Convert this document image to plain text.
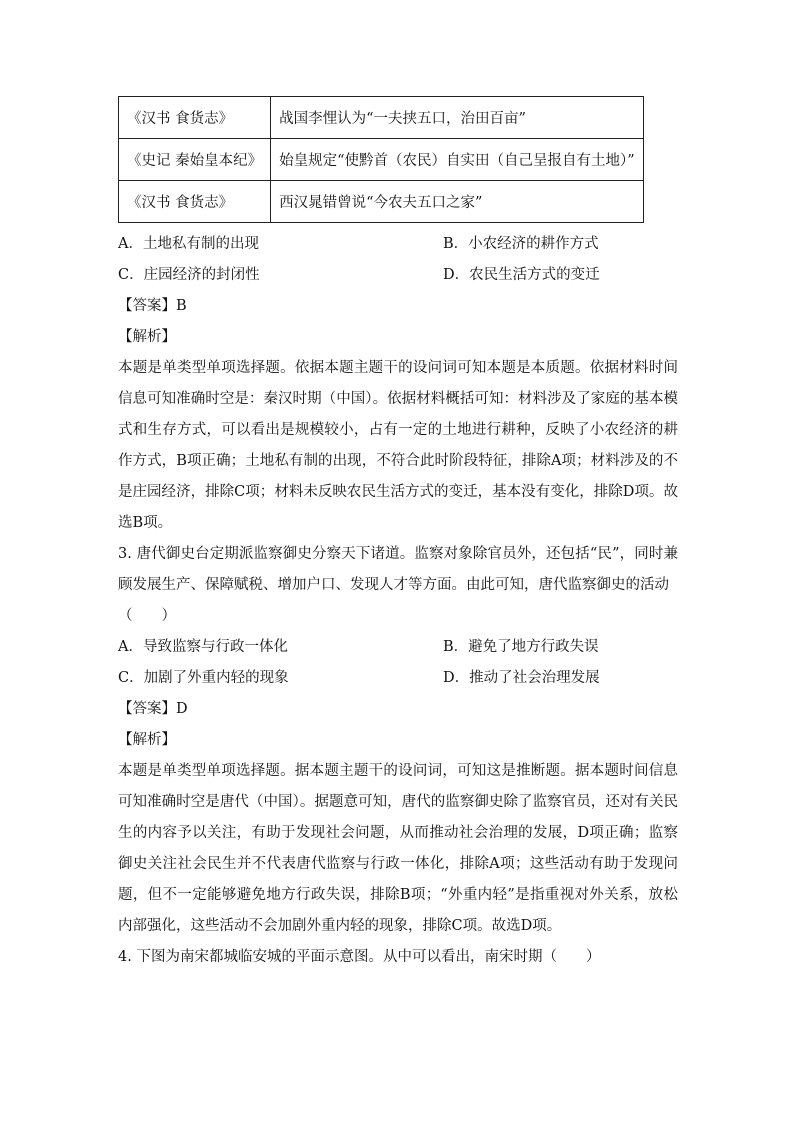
《汉书 食货志》	战国李悝认为“一夫挟五口，治田百亩”
《史记 秦始皇本纪》	始皇规定“使黔首（农民）自实田（自己呈报自有土地）”
《汉书 食货志》	西汉晁错曾说“今农夫五口之家”
A．土地私有制的出现	B．小农经济的耕作方式
C．庄园经济的封闭性	D．农民生活方式的变迁
【答案】B
【解析】
本题是单类型单项选择题。依据本题主题干的设问词可知本题是本质题。依据材料时间信息可知准确时空是：秦汉时期（中国）。依据材料概括可知：材料涉及了家庭的基本模式和生存方式，可以看出是规模较小，占有一定的土地进行耕种，反映了小农经济的耕作方式，B项正确；土地私有制的出现，不符合此时阶段特征，排除A项；材料涉及的不是庄园经济，排除C项；材料未反映农民生活方式的变迁，基本没有变化，排除D项。故选B项。
3. 唐代御史台定期派监察御史分察天下诸道。监察对象除官员外，还包括“民”，同时兼顾发展生产、保障赋税、增加户口、发现人才等方面。由此可知，唐代监察御史的活动
（　　）
A．导致监察与行政一体化	B．避免了地方行政失误
C．加剧了外重内轻的现象	D．推动了社会治理发展
【答案】D
【解析】
本题是单类型单项选择题。据本题主题干的设问词，可知这是推断题。据本题时间信息可知准确时空是唐代（中国）。据题意可知，唐代的监察御史除了监察官员，还对有关民生的内容予以关注，有助于发现社会问题，从而推动社会治理的发展，D项正确；监察御史关注社会民生并不代表唐代监察与行政一体化，排除A项；这些活动有助于发现问题，但不一定能够避免地方行政失误，排除B项；“外重内轻”是指重视对外关系，放松内部强化，这些活动不会加剧外重内轻的现象，排除C项。故选D项。
4. 下图为南宋都城临安城的平面示意图。从中可以看出，南宋时期（　　）
